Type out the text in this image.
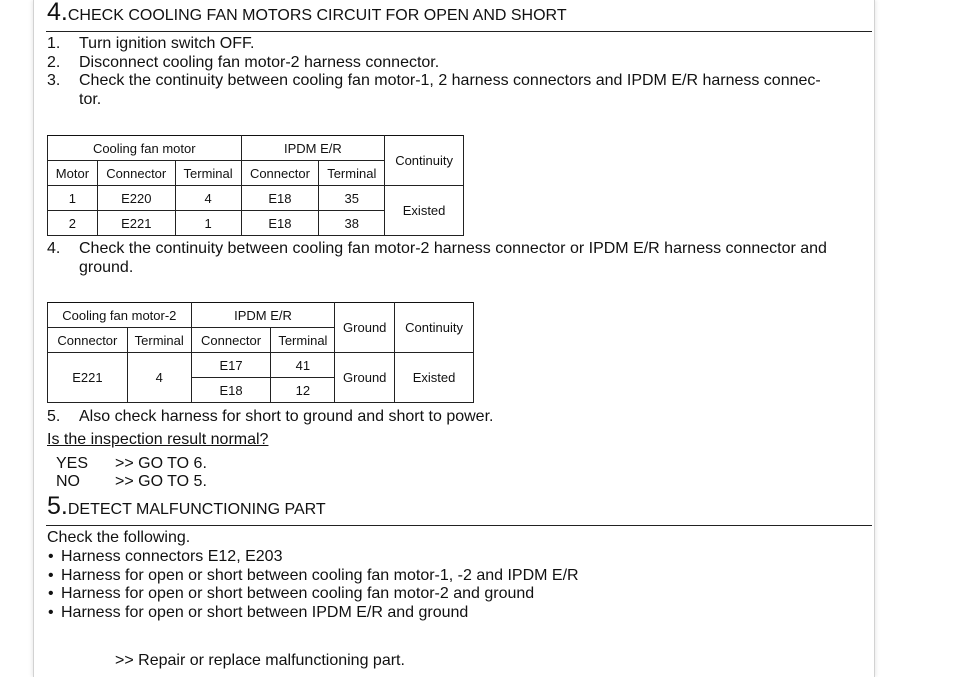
4.CHECK COOLING FAN MOTORS CIRCUIT FOR OPEN AND SHORT
1. Turn ignition switch OFF.
2. Disconnect cooling fan motor-2 harness connector.
3. Check the continuity between cooling fan motor-1, 2 harness connectors and IPDM E/R harness connec-
tor.
Cooling fan motor			IPDM E/R		Continuity
Motor	Connector	Terminal	Connector	Terminal	
1	E220	4	E18	35	Existed
2	E221	1	E18	38	
4. Check the continuity between cooling fan motor-2 harness connector or IPDM E/R harness connector and
ground.
Cooling fan motor-2		IPDM E/R		Ground	Continuity
Connector	Terminal	Connector	Terminal		
E221	4	E17	41	Ground	Existed
		E18	12		
5. Also check harness for short to ground and short to power.
Is the inspection result normal?
YES >> GO TO 6.
NO >> GO TO 5.
5.DETECT MALFUNCTIONING PART
Check the following.
• Harness connectors E12, E203
• Harness for open or short between cooling fan motor-1, -2 and IPDM E/R
• Harness for open or short between cooling fan motor-2 and ground
• Harness for open or short between IPDM E/R and ground
>> Repair or replace malfunctioning part.
